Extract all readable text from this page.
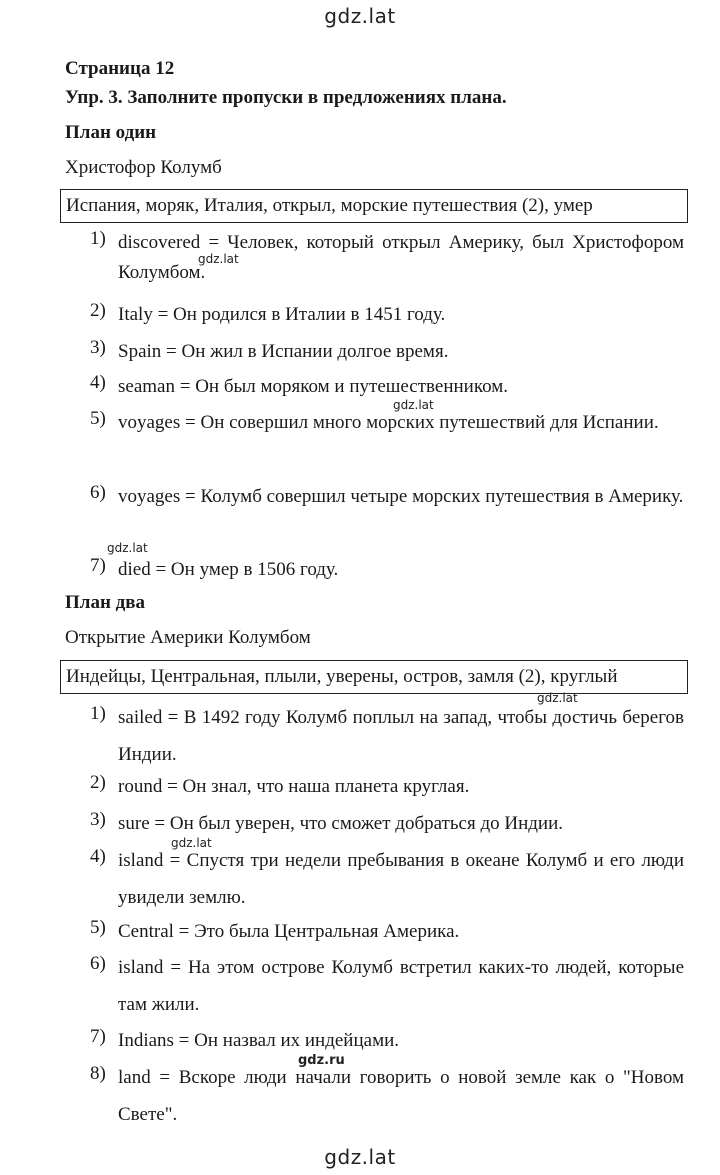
gdz.lat
Страница 12
Упр. 3. Заполните пропуски в предложениях плана.
План один
Христофор Колумб
Испания, моряк, Италия, открыл, морские путешествия (2), умер
1) discovered = Человек, который открыл Америку, был Христофором Колумбом.
2) Italy = Он родился в Италии в 1451 году.
3) Spain = Он жил в Испании долгое время.
4) seaman = Он был моряком и путешественником.
5) voyages = Он совершил много морских путешествий для Испании.
6) voyages = Колумб совершил четыре морских путешествия в Америку.
7) died = Он умер в 1506 году.
План два
Открытие Америки Колумбом
Индейцы, Центральная, плыли, уверены, остров, замля (2), круглый
1) sailed = В 1492 году Колумб поплыл на запад, чтобы достичь берегов Индии.
2) round = Он знал, что наша планета круглая.
3) sure = Он был уверен, что сможет добраться до Индии.
4) island = Спустя три недели пребывания в океане Колумб и его люди увидели землю.
5) Central = Это была Центральная Америка.
6) island = На этом острове Колумб встретил каких-то людей, которые там жили.
7) Indians = Он назвал их индейцами.
8) land = Вскоре люди начали говорить о новой земле как о "Новом Свете".
gdz.lat
gdz.lat
gdz.lat
gdz.lat
gdz.lat
gdz.ru
gdz.lat
